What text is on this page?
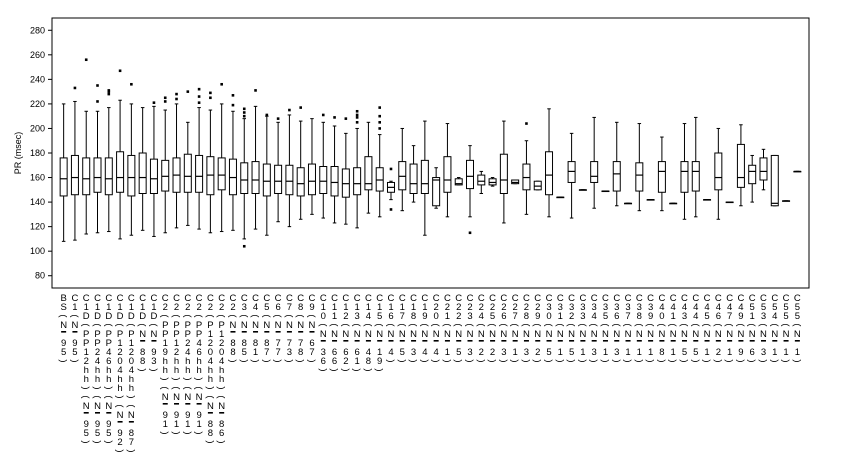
PR (msec)
80
100
120
140
160
180
200
220
240
260
280
B
S
(
N
9
5
)
C
1
(
N
9
5
)
C
1
D
(
P
P
1
2
h
h
)
(
N
9
5
)
C
1
D
(
P
P
2
4
h
h
)
(
N
9
5
)
C
1
D
(
P
P
4
6
h
h
)
(
N
9
5
)
C
1
D
(
P
1
2
0
4
h
h
)
(
N
9
2
)
C
1
D
(
P
1
2
0
4
h
h
)
(
N
8
7
)
C
1
D
(
N
8
8
)
C
1
D
(
N
9
3
)
C
2
(
P
P
1
9
h
h
)
(
N
9
1
)
C
2
(
P
P
1
2
h
h
)
(
N
9
1
)
C
2
(
P
P
2
4
h
h
)
(
N
9
1
)
C
2
(
P
P
4
6
h
h
)
(
N
9
1
)
C
2
(
P
1
2
0
4
h
h
)
(
N
8
8
)
C
2
(
P
1
2
0
4
h
h
)
(
N
8
6
)
C
2
(
N
8
8
)
C
3
(
N
8
5
)
C
4
(
N
8
1
)
C
5
(
N
8
7
)
C
6
(
N
7
7
)
C
7
(
N
7
3
)
C
8
(
N
7
8
)
C
9
(
N
6
7
)
C
1
0
(
N
3
6
)
C
1
1
(
N
6
6
)
C
1
2
(
N
6
2
)
C
1
3
(
N
6
1
)
C
1
4
(
N
4
8
)
C
1
5
(
N
1
9
)
C
1
6
(
N
4
)
C
1
7
(
N
5
)
C
1
8
(
N
3
)
C
1
9
(
N
4
)
C
2
0
(
N
4
)
C
2
1
(
N
1
)
C
2
2
(
N
5
)
C
2
3
(
N
3
)
C
2
4
(
N
2
)
C
2
5
(
N
2
)
C
2
6
(
N
3
)
C
2
7
(
N
1
)
C
2
8
(
N
3
)
C
2
9
(
N
2
)
C
3
0
(
N
5
)
C
3
1
(
N
1
)
C
3
2
(
N
5
)
C
3
3
(
N
1
)
C
3
4
(
N
3
)
C
3
5
(
N
1
)
C
3
6
(
N
3
)
C
3
7
(
N
1
)
C
3
8
(
N
1
)
C
3
9
(
N
1
)
C
4
0
(
N
8
)
C
4
1
(
N
1
)
C
4
3
(
N
5
)
C
4
4
(
N
5
)
C
4
5
(
N
1
)
C
4
6
(
N
2
)
C
4
7
(
N
1
)
C
4
9
(
N
9
)
C
5
1
(
N
6
)
C
5
3
(
N
3
)
C
5
4
(
N
1
)
C
5
5
(
N
1
)
C
5
5
(
N
1
)
